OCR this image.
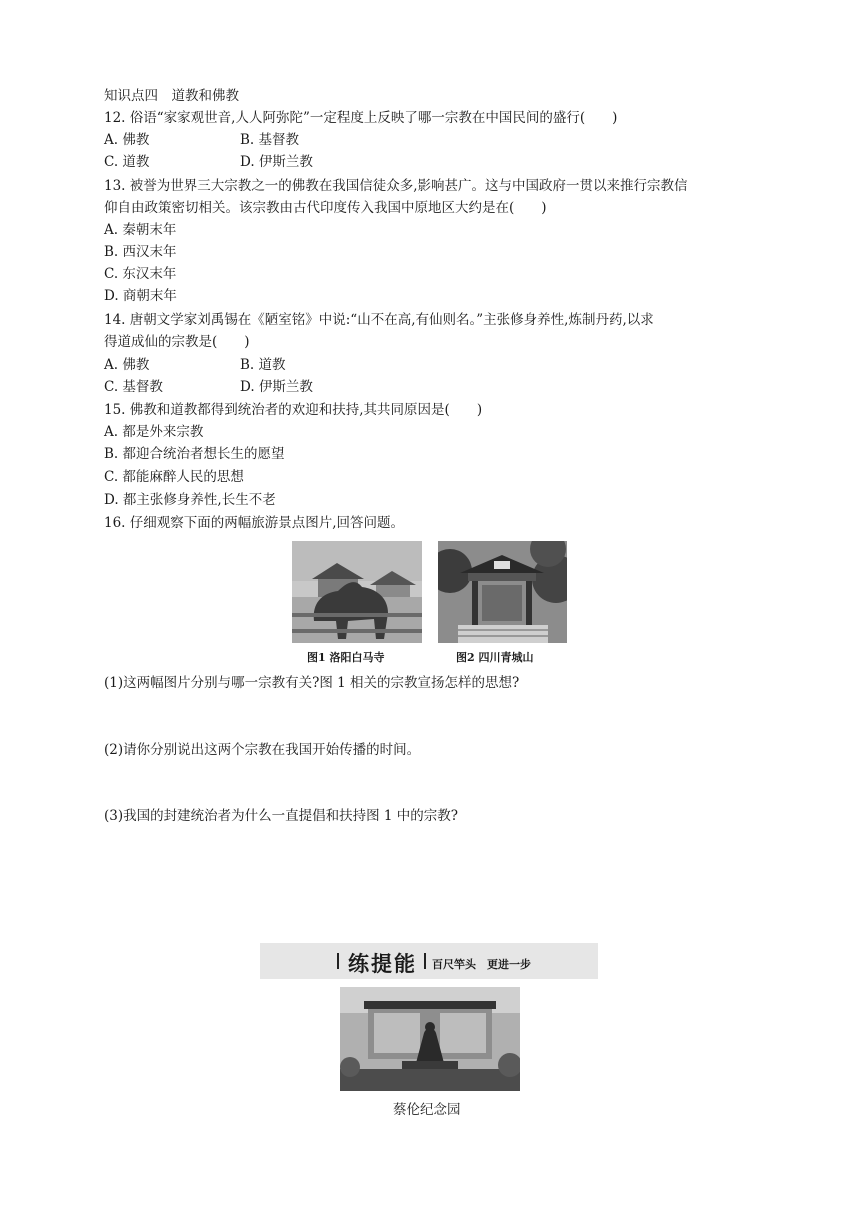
知识点四　道教和佛教
12. 俗语“家家观世音,人人阿弥陀”一定程度上反映了哪一宗教在中国民间的盛行(　　)
A. 佛教	B. 基督教
C. 道教	D. 伊斯兰教
13. 被誉为世界三大宗教之一的佛教在我国信徒众多,影响甚广。这与中国政府一贯以来推行宗教信
仰自由政策密切相关。该宗教由古代印度传入我国中原地区大约是在(　　)
A. 秦朝末年
B. 西汉末年
C. 东汉末年
D. 商朝末年
14. 唐朝文学家刘禹锡在《陋室铭》中说:“山不在高,有仙则名。”主张修身养性,炼制丹药,以求
得道成仙的宗教是(　　)
A. 佛教	B. 道教
C. 基督教	D. 伊斯兰教
15. 佛教和道教都得到统治者的欢迎和扶持,其共同原因是(　　)
A. 都是外来宗教
B. 都迎合统治者想长生的愿望
C. 都能麻醉人民的思想
D. 都主张修身养性,长生不老
16. 仔细观察下面的两幅旅游景点图片,回答问题。
图1 洛阳白马寺	图2 四川青城山
(1)这两幅图片分别与哪一宗教有关?图 1 相关的宗教宣扬怎样的思想?
(2)请你分别说出这两个宗教在我国开始传播的时间。
(3)我国的封建统治者为什么一直提倡和扶持图 1 中的宗教?
练提能 百尺竿头　更进一步
蔡伦纪念园
